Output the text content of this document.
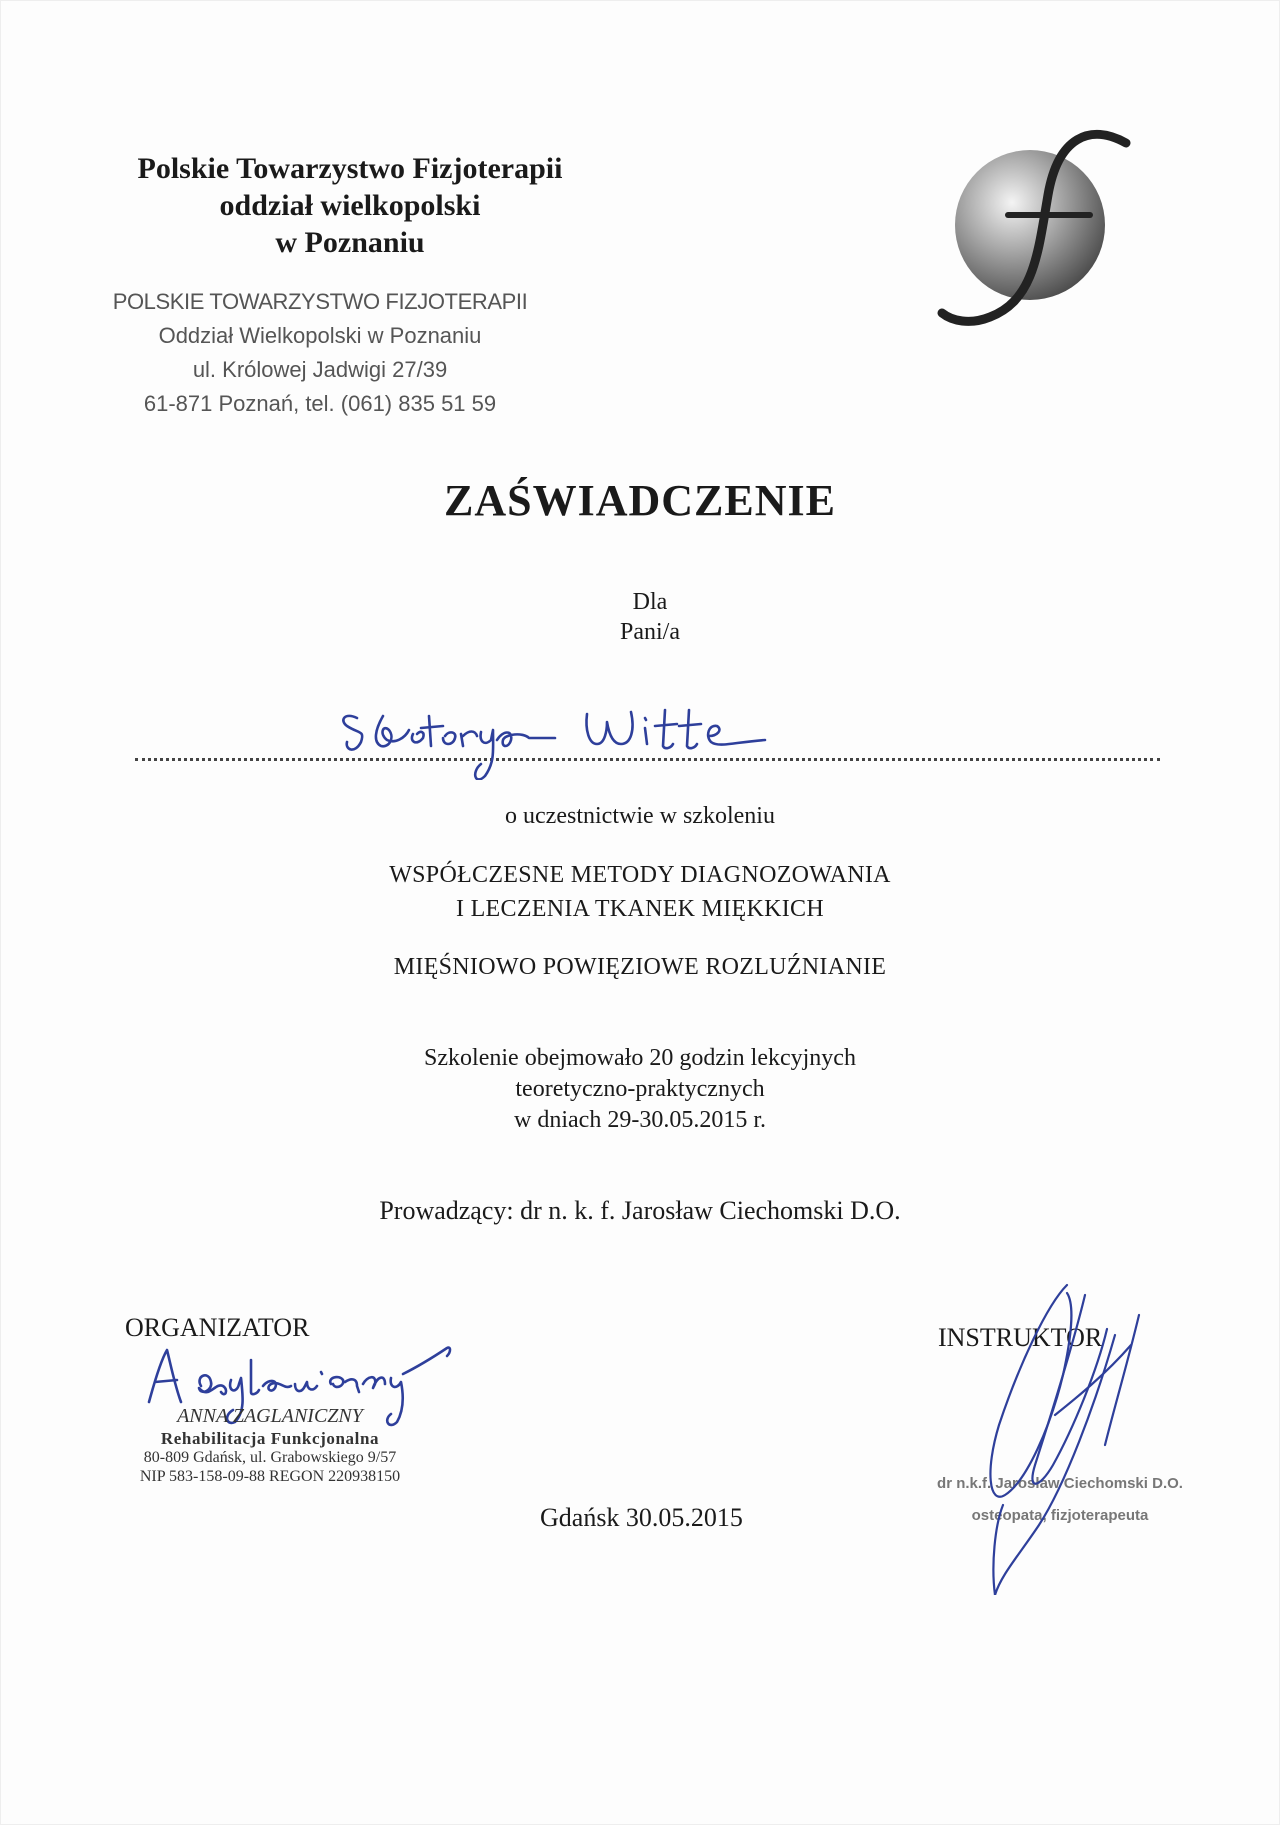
Polskie Towarzystwo Fizjoterapii
oddział wielkopolski
w Poznaniu
POLSKIE TOWARZYSTWO FIZJOTERAPII
Oddział Wielkopolski w Poznaniu
ul. Królowej Jadwigi 27/39
61-871 Poznań, tel. (061) 835 51 59
ZAŚWIADCZENIE
Dla
Pani/a
o uczestnictwie w szkoleniu
WSPÓŁCZESNE METODY DIAGNOZOWANIA
I LECZENIA TKANEK MIĘKKICH
MIĘŚNIOWO POWIĘZIOWE ROZLUŹNIANIE
Szkolenie obejmowało 20 godzin lekcyjnych
teoretyczno-praktycznych
w dniach 29-30.05.2015 r.
Prowadzący: dr n. k. f. Jarosław Ciechomski D.O.
ORGANIZATOR
ANNA ZAGLANICZNY
Rehabilitacja Funkcjonalna
80-809 Gdańsk, ul. Grabowskiego 9/57
NIP 583-158-09-88 REGON 220938150
Gdańsk 30.05.2015
INSTRUKTOR
dr n.k.f. Jarosław Ciechomski D.O.
osteopata, fizjoterapeuta
